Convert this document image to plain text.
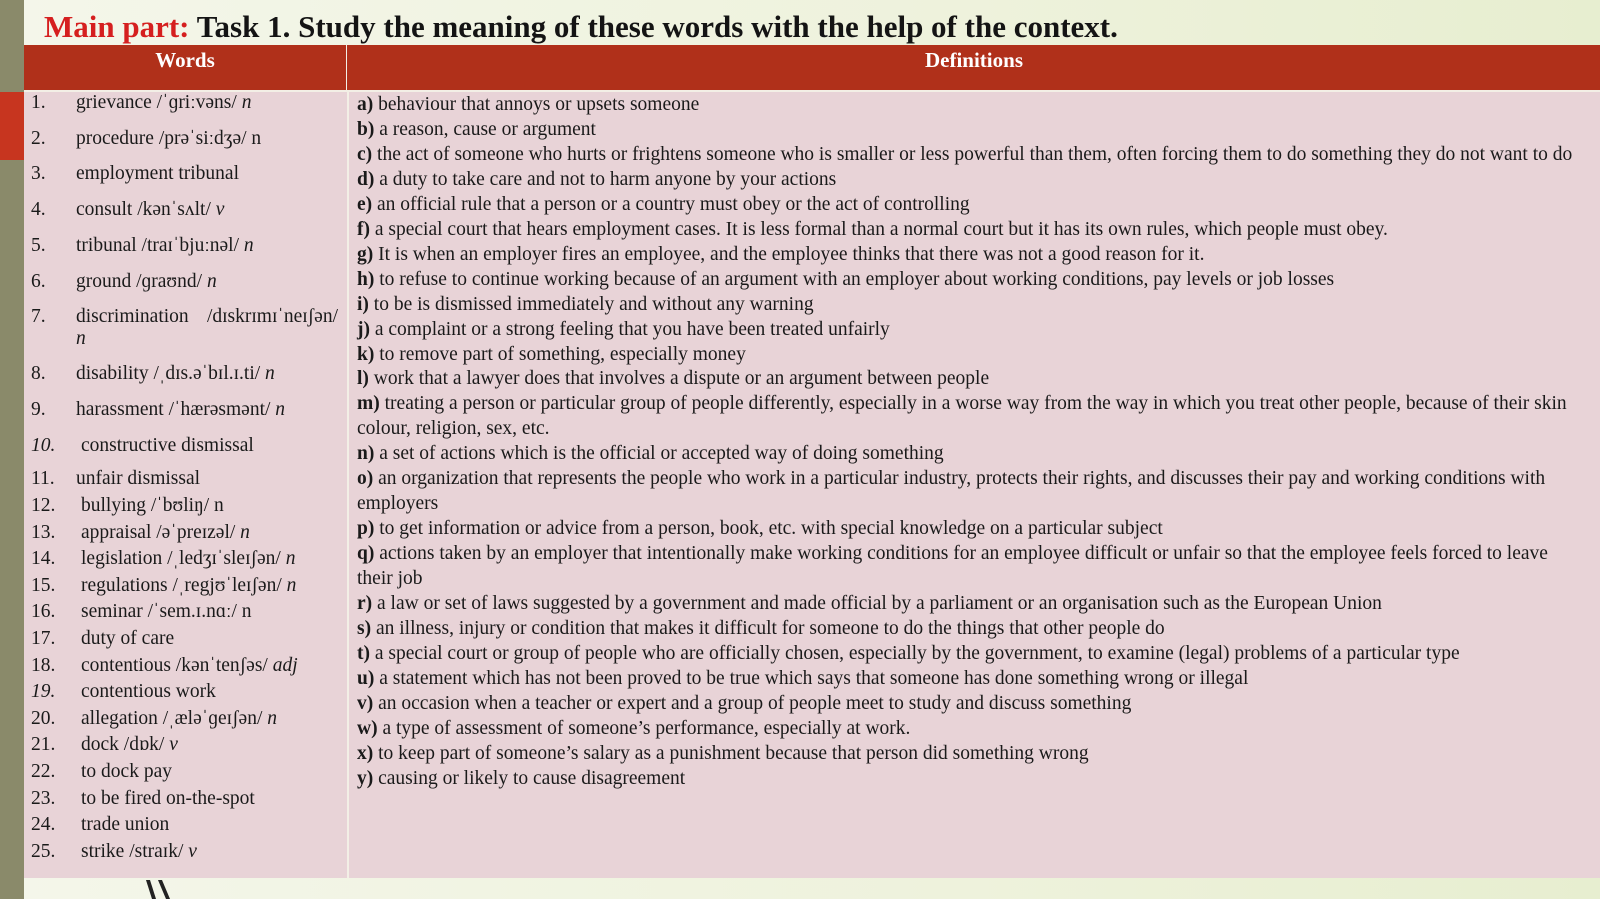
Main part: Task 1. Study the meaning of these words with the help of the context.
Words	Definitions
1. grievance /ˈɡriːvəns/ n
2. procedure /prəˈsiːdʒə/ n
3. employment tribunal
4. consult /kənˈsʌlt/ v
5. tribunal /traɪˈbjuːnəl/ n
6. ground /ɡraʊnd/ n
7. discrimination /dɪskrɪmɪˈneɪʃən/ n
8. disability /ˌdɪs.əˈbɪl.ɪ.ti/ n
9. harassment /ˈhærəsmənt/ n
10. constructive dismissal
11. unfair dismissal
12. bullying /ˈbʊliŋ/ n
13. appraisal /əˈpreɪzəl/ n
14. legislation /ˌledʒɪˈsleɪʃən/ n
15. regulations /ˌregjʊˈleɪʃən/ n
16. seminar /ˈsem.ɪ.nɑː/ n
17. duty of care
18. contentious /kənˈtenʃəs/ adj
19. contentious work
20. allegation /ˌæləˈɡeɪʃən/ n
21. dock /dɒk/ v
22. to dock pay
23. to be fired on-the-spot
24. trade union
25. strike /straɪk/ v

a) behaviour that annoys or upsets someone

b) a reason, cause or argument

c) the act of someone who hurts or frightens someone who is smaller or less powerful than them, often forcing them to do something they do not want to do

d) a duty to take care and not to harm anyone by your actions

e) an official rule that a person or a country must obey or the act of controlling

f) a special court that hears employment cases. It is less formal than a normal court but it has its own rules, which people must obey.

g) It is when an employer fires an employee, and the employee thinks that there was not a good reason for it.

h) to refuse to continue working because of an argument with an employer about working conditions, pay levels or job losses

i) to be is dismissed immediately and without any warning

j) a complaint or a strong feeling that you have been treated unfairly

k) to remove part of something, especially money

l) work that a lawyer does that involves a dispute or an argument between people

m) treating a person or particular group of people differently, especially in a worse way from the way in which you treat other people, because of their skin colour, religion, sex, etc.

n) a set of actions which is the official or accepted way of doing something

o) an organization that represents the people who work in a particular industry, protects their rights, and discusses their pay and working conditions with employers

p) to get information or advice from a person, book, etc. with special knowledge on a particular subject

q) actions taken by an employer that intentionally make working conditions for an employee difficult or unfair so that the employee feels forced to leave their job

r) a law or set of laws suggested by a government and made official by a parliament or an organisation such as the European Union

s) an illness, injury or condition that makes it difficult for someone to do the things that other people do

t) a special court or group of people who are officially chosen, especially by the government, to examine (legal) problems of a particular type

u) a statement which has not been proved to be true which says that someone has done something wrong or illegal

v) an occasion when a teacher or expert and a group of people meet to study and discuss something

w) a type of assessment of someone’s performance, especially at work.

x) to keep part of someone’s salary as a punishment because that person did something wrong

y) causing or likely to cause disagreement
